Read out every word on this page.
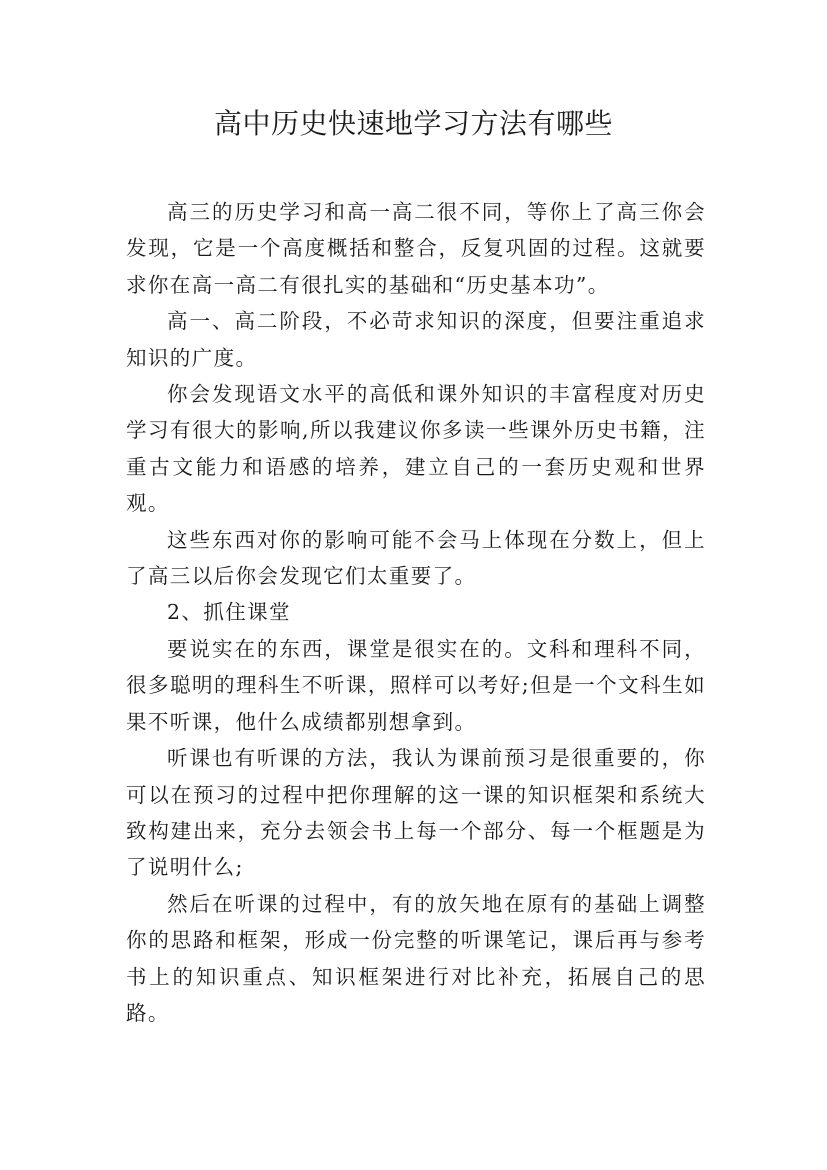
高中历史快速地学习方法有哪些

高三的历史学习和高一高二很不同，等你上了高三你会发现，它是一个高度概括和整合，反复巩固的过程。这就要求你在高一高二有很扎实的基础和“历史基本功”。

高一、高二阶段，不必苛求知识的深度，但要注重追求知识的广度。

你会发现语文水平的高低和课外知识的丰富程度对历史学习有很大的影响,所以我建议你多读一些课外历史书籍，注重古文能力和语感的培养，建立自己的一套历史观和世界观。

这些东西对你的影响可能不会马上体现在分数上，但上了高三以后你会发现它们太重要了。

2、抓住课堂

要说实在的东西，课堂是很实在的。文科和理科不同，很多聪明的理科生不听课，照样可以考好;但是一个文科生如果不听课，他什么成绩都别想拿到。

听课也有听课的方法，我认为课前预习是很重要的，你可以在预习的过程中把你理解的这一课的知识框架和系统大致构建出来，充分去领会书上每一个部分、每一个框题是为了说明什么;

然后在听课的过程中，有的放矢地在原有的基础上调整你的思路和框架，形成一份完整的听课笔记，课后再与参考书上的知识重点、知识框架进行对比补充，拓展自己的思路。
